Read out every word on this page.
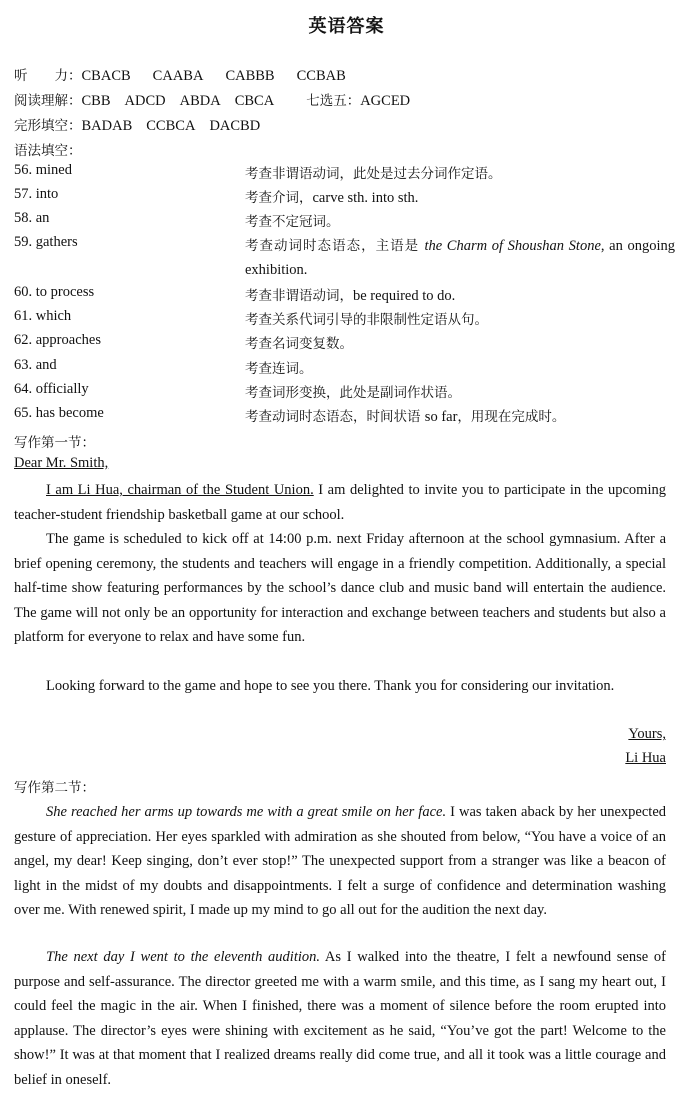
英语答案
听　　力：CBACB CAABA CABBB CCBAB
阅读理解：CBB ADCD ABDA CBCA 七选五：AGCED
完形填空：BADAB CCBCA DACBD
语法填空：
56. mined	考查非谓语动词，此处是过去分词作定语。
57. into	考查介词，carve sth. into sth.
58. an	考查不定冠词。
59. gathers	考查动词时态语态，主语是 the Charm of Shoushan Stone, an ongoing exhibition.
60. to process	考查非谓语动词，be required to do.
61. which	考查关系代词引导的非限制性定语从句。
62. approaches	考查名词变复数。
63. and	考查连词。
64. officially	考查词形变换，此处是副词作状语。
65. has become	考查动词时态语态，时间状语 so far，用现在完成时。
写作第一节：
Dear Mr. Smith,
I am Li Hua, chairman of the Student Union. I am delighted to invite you to participate in the upcoming teacher-student friendship basketball game at our school.
The game is scheduled to kick off at 14:00 p.m. next Friday afternoon at the school gymnasium. After a brief opening ceremony, the students and teachers will engage in a friendly competition. Additionally, a special half-time show featuring performances by the school’s dance club and music band will entertain the audience. The game will not only be an opportunity for interaction and exchange between teachers and students but also a platform for everyone to relax and have some fun.
Looking forward to the game and hope to see you there. Thank you for considering our invitation.
Yours,
Li Hua
写作第二节：
She reached her arms up towards me with a great smile on her face. I was taken aback by her unexpected gesture of appreciation. Her eyes sparkled with admiration as she shouted from below, “You have a voice of an angel, my dear! Keep singing, don’t ever stop!” The unexpected support from a stranger was like a beacon of light in the midst of my doubts and disappointments. I felt a surge of confidence and determination washing over me. With renewed spirit, I made up my mind to go all out for the audition the next day.
The next day I went to the eleventh audition. As I walked into the theatre, I felt a newfound sense of purpose and self-assurance. The director greeted me with a warm smile, and this time, as I sang my heart out, I could feel the magic in the air. When I finished, there was a moment of silence before the room erupted into applause. The director’s eyes were shining with excitement as he said, “You’ve got the part! Welcome to the show!” It was at that moment that I realized dreams really did come true, and all it took was a little courage and belief in oneself.
